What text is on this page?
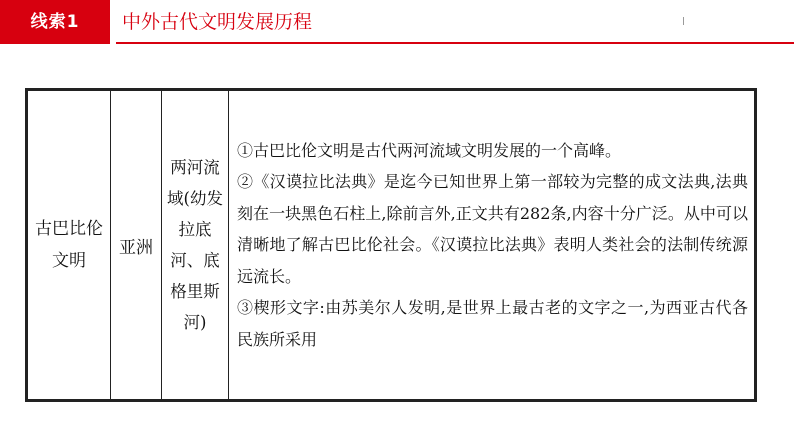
线索1	中外古代文明发展历程
古巴比伦文明	亚洲	两河流域(幼发拉底河、底格里斯河)	
①古巴比伦文明是古代两河流域文明发展的一个高峰。
②《汉谟拉比法典》是迄今已知世界上第一部较为完整的成文法典,法典刻在一块黑色石柱上,除前言外,正文共有282条,内容十分广泛。从中可以清晰地了解古巴比伦社会。《汉谟拉比法典》表明人类社会的法制传统源远流长。
③楔形文字:由苏美尔人发明,是世界上最古老的文字之一,为西亚古代各民族所采用
